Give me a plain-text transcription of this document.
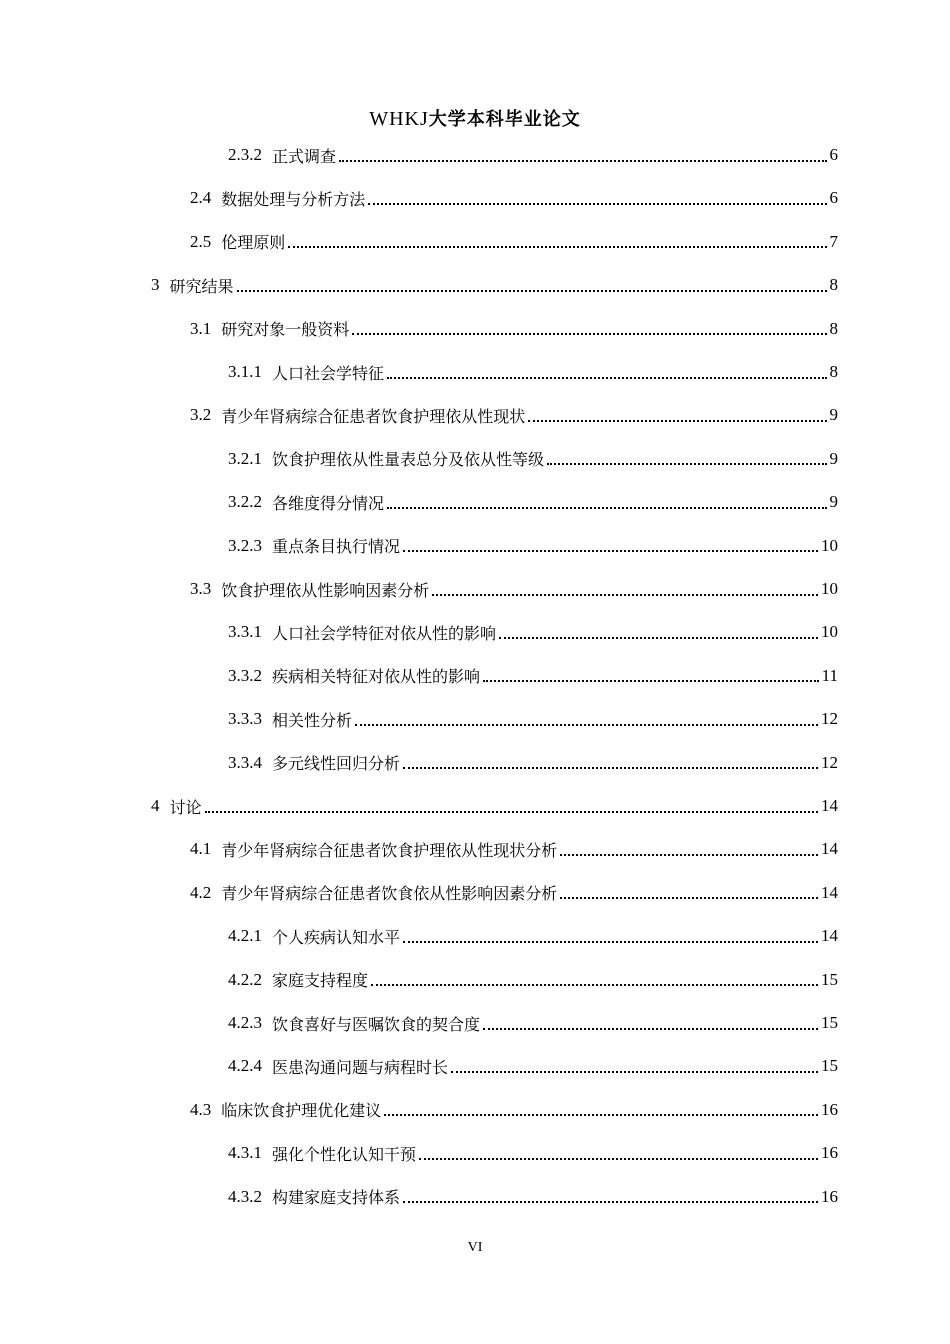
WHKJ大学本科毕业论文
2.3.2 正式调查	6
2.4 数据处理与分析方法	6
2.5 伦理原则	7
3 研究结果	8
3.1 研究对象一般资料	8
3.1.1 人口社会学特征	8
3.2 青少年肾病综合征患者饮食护理依从性现状	9
3.2.1 饮食护理依从性量表总分及依从性等级	9
3.2.2 各维度得分情况	9
3.2.3 重点条目执行情况	10
3.3 饮食护理依从性影响因素分析	10
3.3.1 人口社会学特征对依从性的影响	10
3.3.2 疾病相关特征对依从性的影响	11
3.3.3 相关性分析	12
3.3.4 多元线性回归分析	12
4 讨论	14
4.1 青少年肾病综合征患者饮食护理依从性现状分析	14
4.2 青少年肾病综合征患者饮食依从性影响因素分析	14
4.2.1 个人疾病认知水平	14
4.2.2 家庭支持程度	15
4.2.3 饮食喜好与医嘱饮食的契合度	15
4.2.4 医患沟通问题与病程时长	15
4.3 临床饮食护理优化建议	16
4.3.1 强化个性化认知干预	16
4.3.2 构建家庭支持体系	16
VI
